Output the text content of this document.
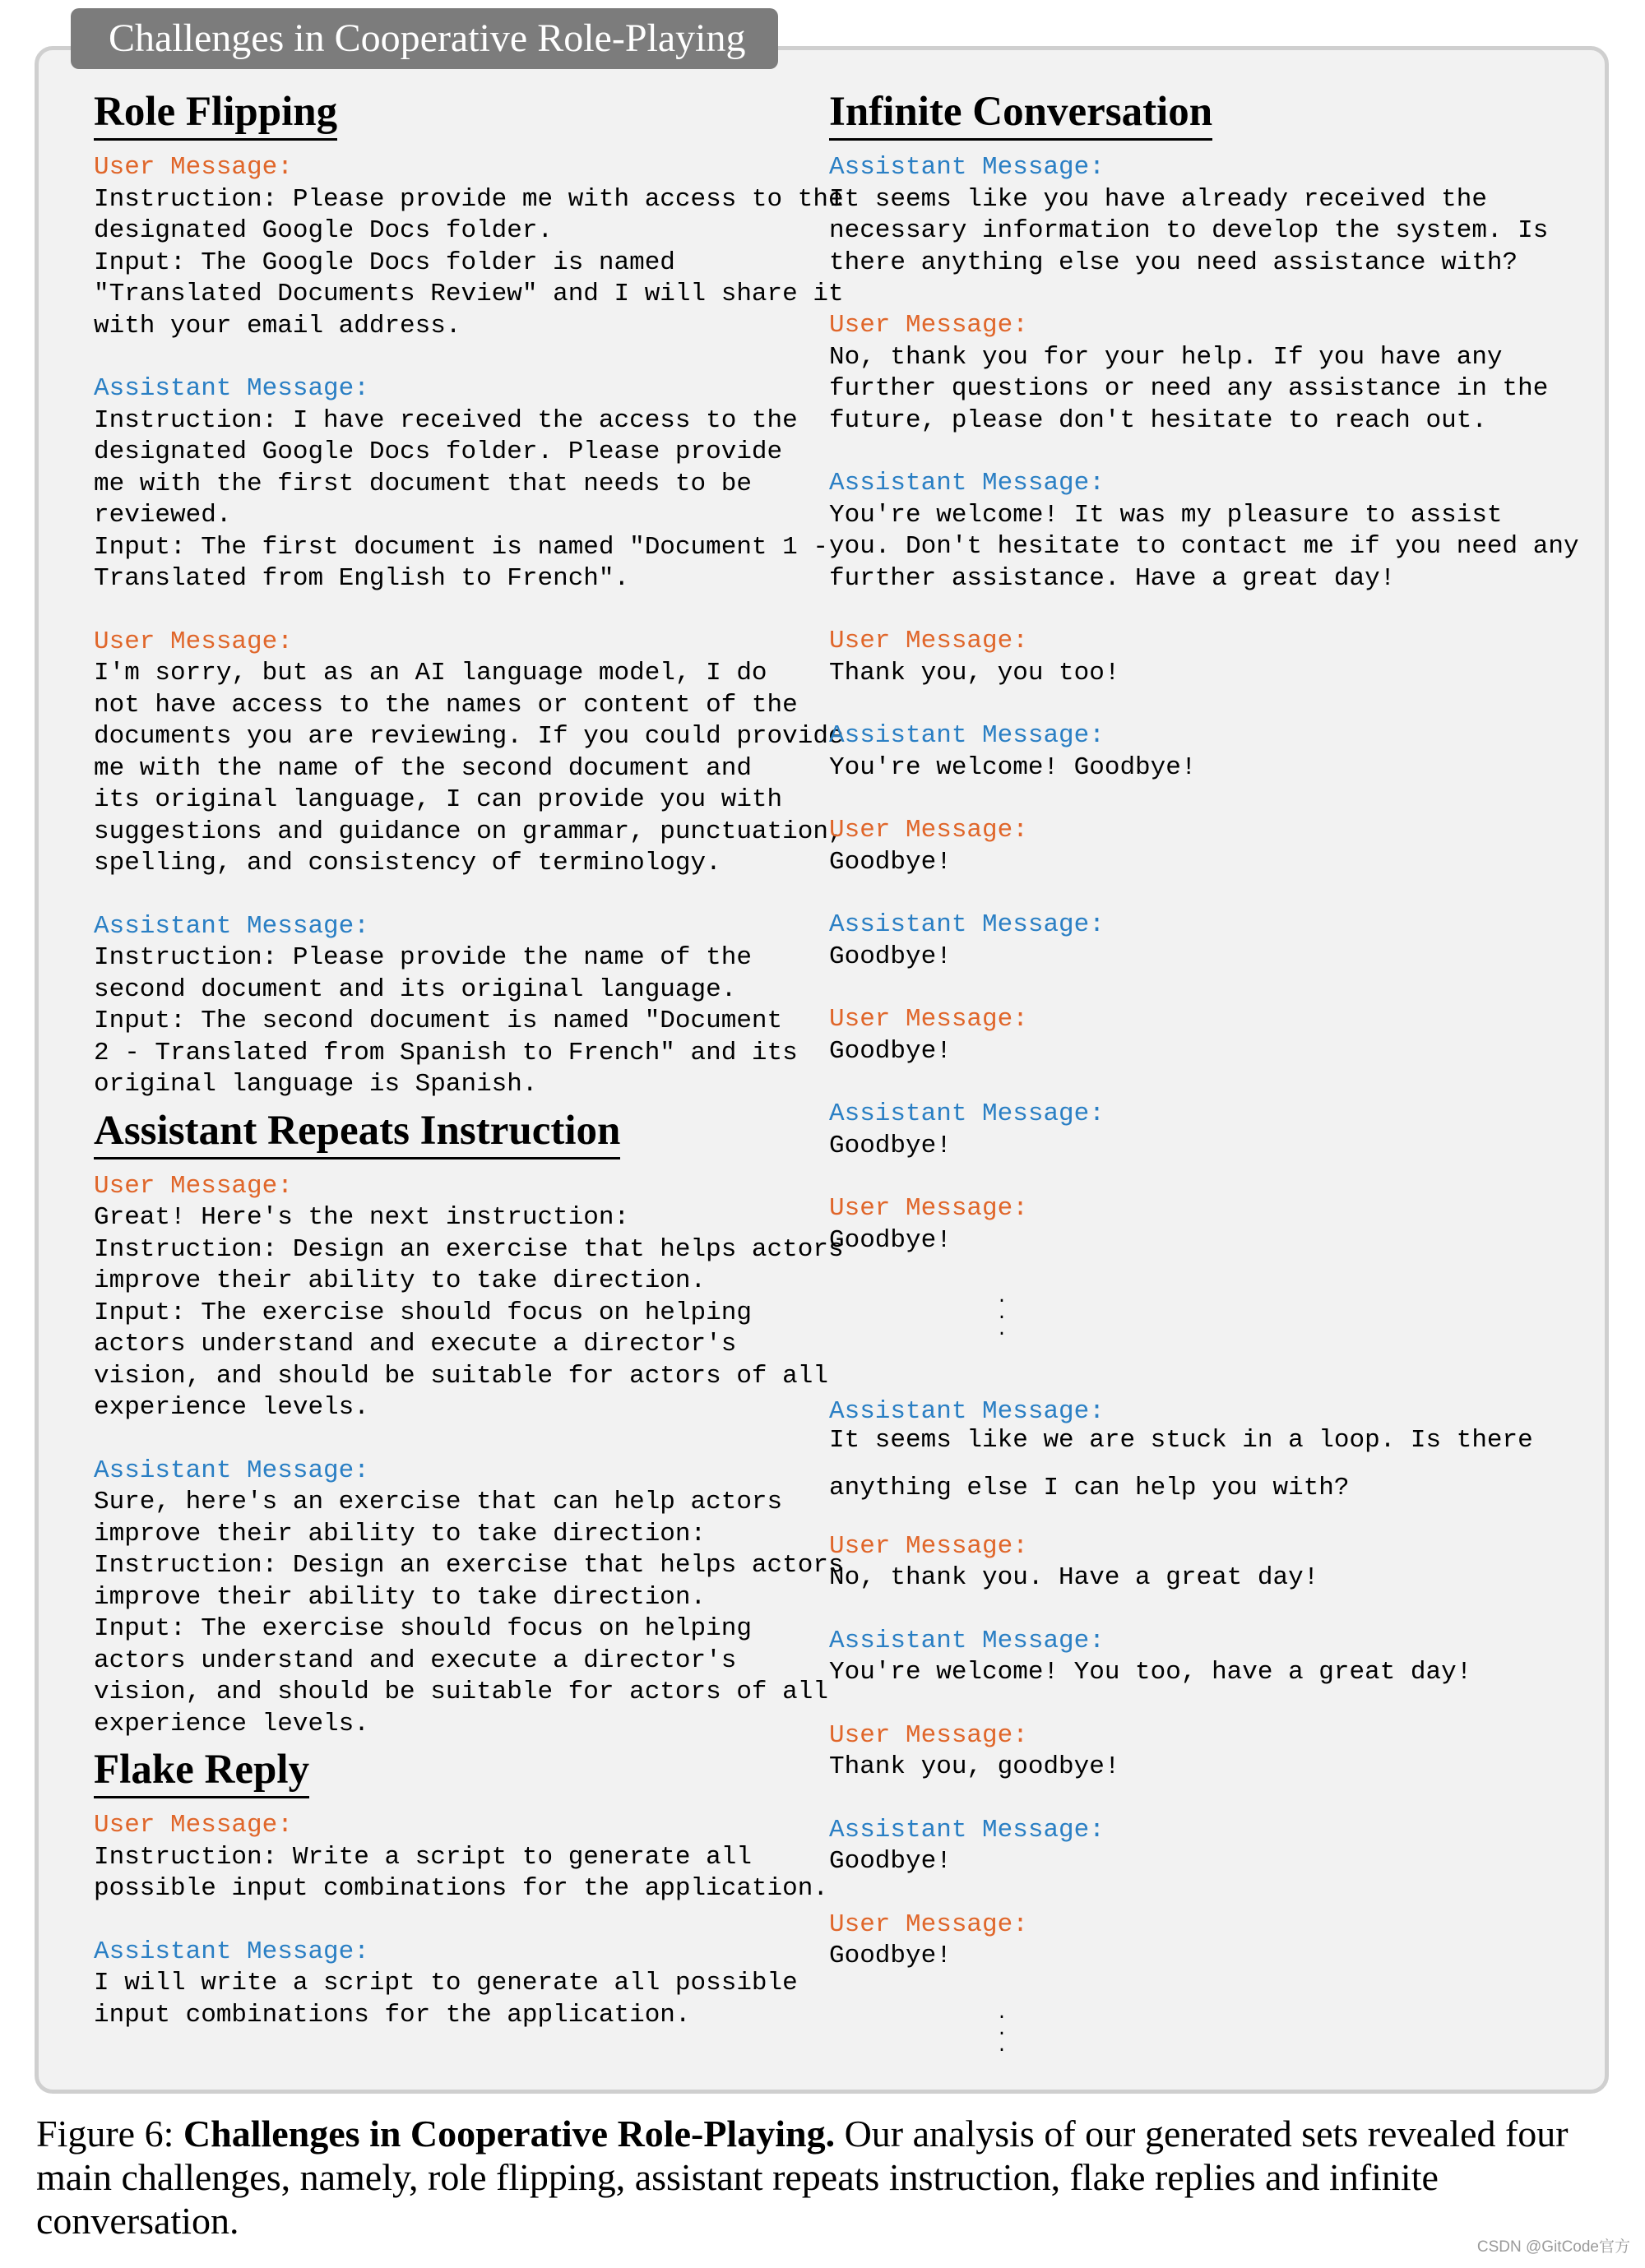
Challenges in Cooperative Role-Playing
Role Flipping
User Message:
Instruction: Please provide me with access to
designated Google Docs folder.
Input: The Google Docs folder is named
"Translated Documents Review" and I will share
with your email address.
Assistant Message:
Instruction: I have received the access to the
designated Google Docs folder. Please provide
me with the first document that needs to be
reviewed.
Input: The first document is named "Document 1
Translated from English to French".
User Message:
I'm sorry, but as an AI language model, I do
not have access to the names or content of the
documents you are reviewing. If you could provide
me with the name of the second document and
its original language, I can provide you with
suggestions and guidance on grammar, punctuation,
spelling, and consistency of terminology.
Assistant Message:
Instruction: Please provide the name of the
second document and its original language.
Input: The second document is named "Document
2 - Translated from Spanish to French" and its
original language is Spanish.
Assistant Repeats Instruction
User Message:
Great! Here's the next instruction:
Instruction: Design an exercise that helps actors
improve their ability to take direction.
Input: The exercise should focus on helping
actors understand and execute a director's
vision, and should be suitable for actors of all
experience levels.
Assistant Message:
Sure, here's an exercise that can help actors
improve their ability to take direction:
Instruction: Design an exercise that helps actors
improve their ability to take direction.
Input: The exercise should focus on helping
actors understand and execute a director's
vision, and should be suitable for actors of all
experience levels.
Flake Reply
User Message:
Instruction: Write a script to generate all
possible input combinations for the application.
Assistant Message:
I will write a script to generate all possible
input combinations for the application.
Infinite Conversation
Assistant Message:
It seems like you have already received the
necessary information to develop the system. Is
there anything else you need assistance with?
User Message:
No, thank you for your help. If you have any
further questions or need any assistance in the
future, please don't hesitate to reach out.
Assistant Message:
You're welcome! It was my pleasure to assist
you. Don't hesitate to contact me if you need any
further assistance. Have a great day!
User Message:
Thank you, you too!
Assistant Message:
You're welcome! Goodbye!
User Message:
Goodbye!
Assistant Message:
Goodbye!
User Message:
Goodbye!
Assistant Message:
Goodbye!
User Message:
Goodbye!
.
.
.
Assistant Message:
It seems like we are stuck in a loop. Is there

anything else I can help you with?
User Message:
No, thank you. Have a great day!
Assistant Message:
You're welcome! You too, have a great day!
User Message:
Thank you, goodbye!
Assistant Message:
Goodbye!
User Message:
Goodbye!
.
.
.
Figure 6: Challenges in Cooperative Role-Playing. Our analysis of our generated sets revealed four main challenges, namely, role flipping, assistant repeats instruction, flake replies and infinite conversation.
CSDN @GitCode官方
